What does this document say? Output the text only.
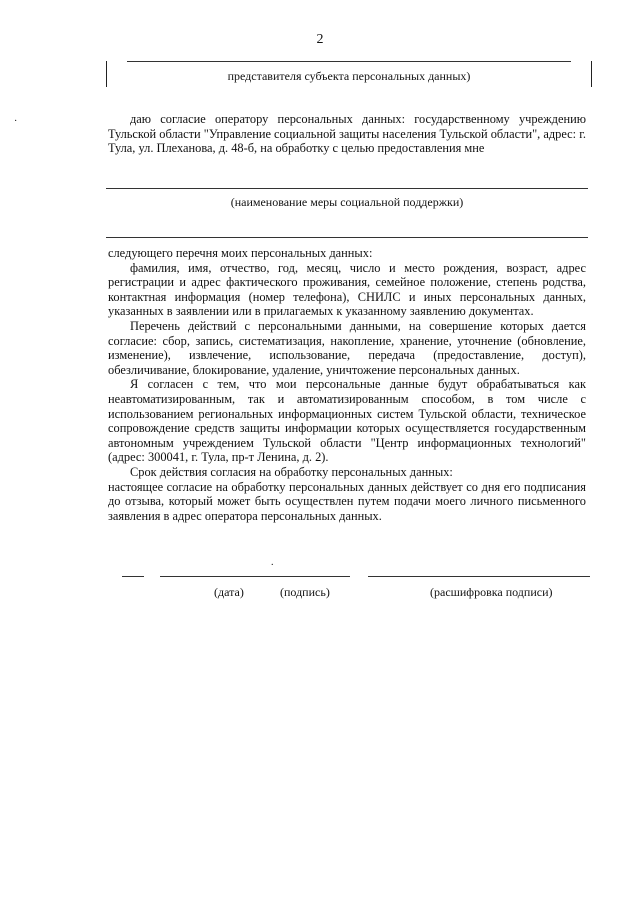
2
представителя субъекта персональных данных)
·	даю согласие оператору персональных данных: государственному учреждению Тульской области "Управление социальной защиты населения Тульской области", адрес: г. Тула, ул. Плеханова, д. 48-б, на обработку с целью предоставления мне

(наименование меры социальной поддержки)

следующего перечня моих персональных данных:

фамилия, имя, отчество, год, месяц, число и место рождения, возраст, адрес регистрации и адрес фактического проживания, семейное положение, степень родства, контактная информация (номер телефона), СНИЛС и иных персональных данных, указанных в заявлении или в прилагаемых к указанному заявлению документах.

Перечень действий с персональными данными, на совершение которых дается согласие: сбор, запись, систематизация, накопление, хранение, уточнение (обновление, изменение), извлечение, использование, передача (предоставление, доступ), обезличивание, блокирование, удаление, уничтожение персональных данных.

Я согласен с тем, что мои персональные данные будут обрабатываться как неавтоматизированным, так и автоматизированным способом, в том числе с использованием региональных информационных систем Тульской области, техническое сопровождение средств защиты информации которых осуществляется государственным автономным учреждением Тульской области "Центр информационных технологий" (адрес: 300041, г. Тула, пр-т Ленина, д. 2).

Срок действия согласия на обработку персональных данных:

настоящее согласие на обработку персональных данных действует со дня его подписания до отзыва, который может быть осуществлен путем подачи моего личного письменного заявления в адрес оператора персональных данных.

.
(дата)	(подпись)	(расшифровка подписи)
